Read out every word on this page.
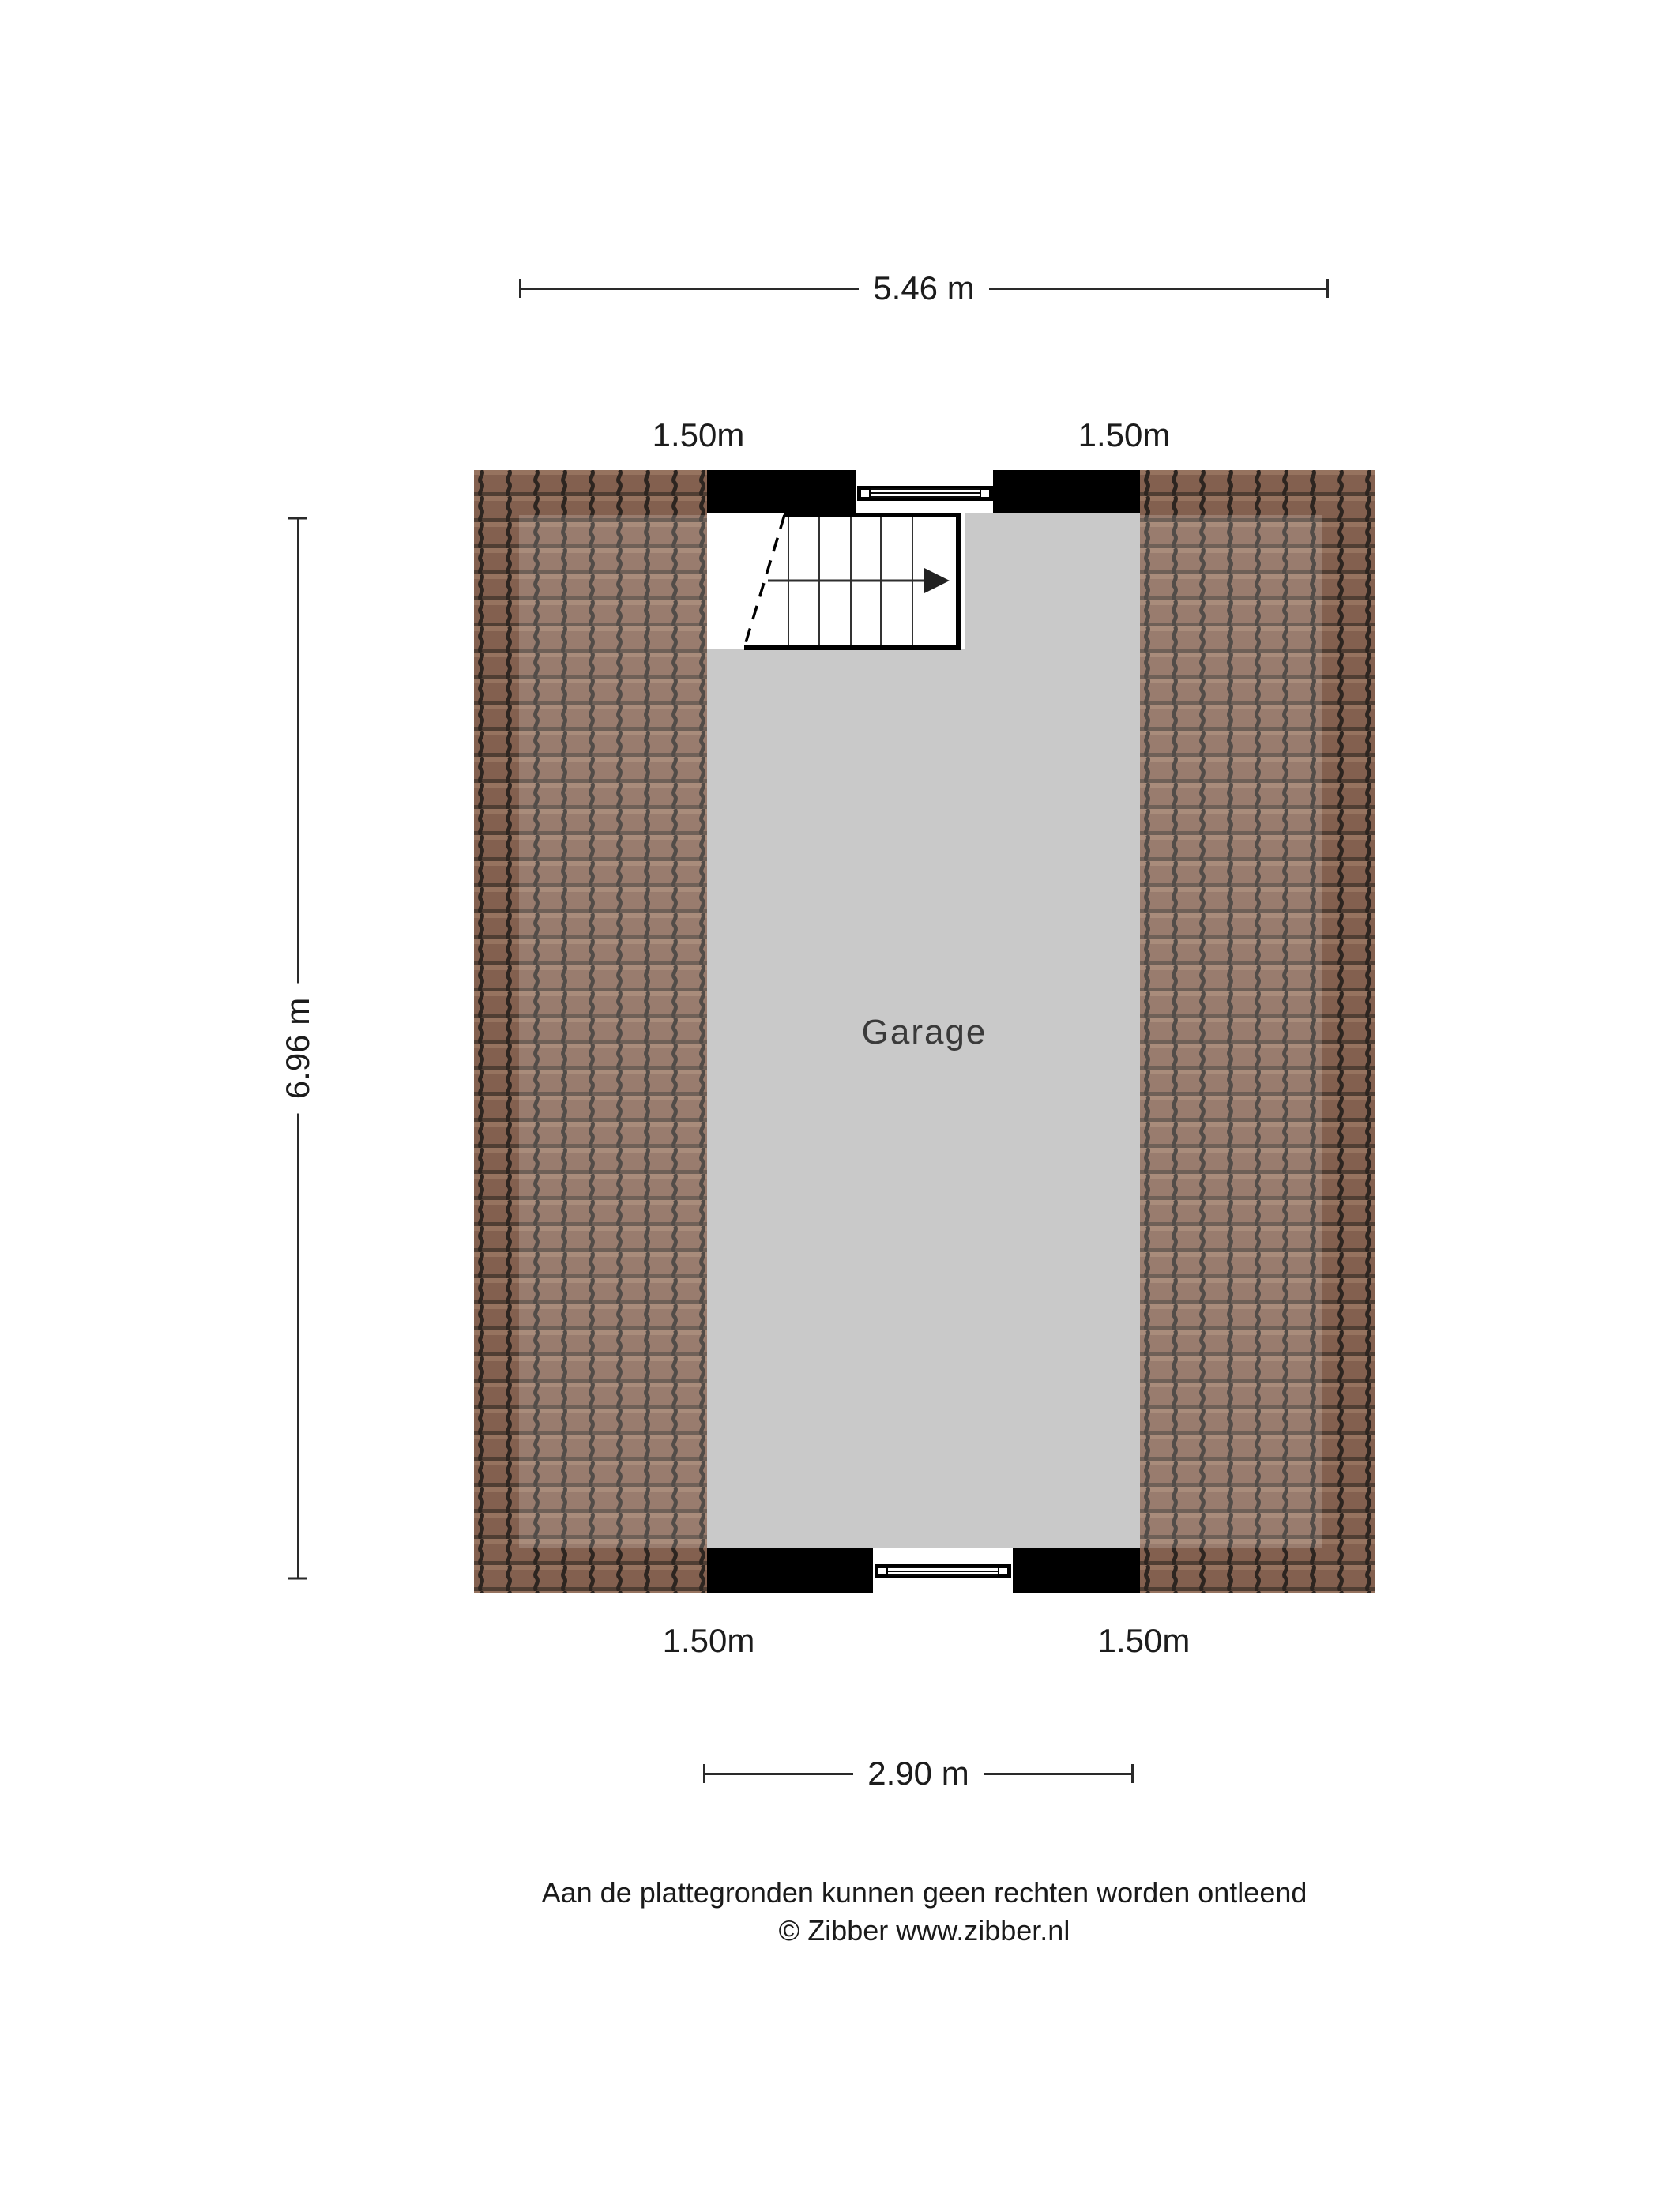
5.46 m
6.96 m
2.90 m
1.50m	1.50m
1.50m	1.50m
Garage
Aan de plattegronden kunnen geen rechten worden ontleend
© Zibber www.zibber.nl
